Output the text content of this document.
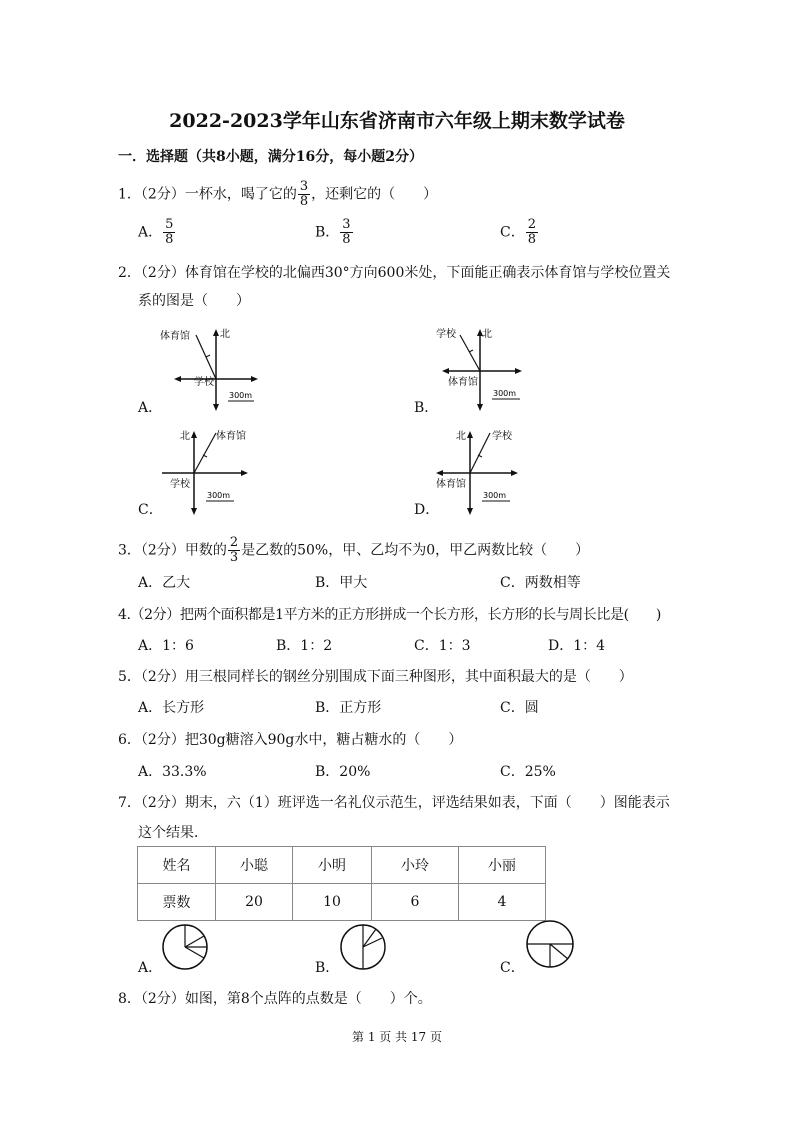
2022-2023学年山东省济南市六年级上期末数学试卷
一．选择题（共8小题，满分16分，每小题2分）
1．（2分）一杯水，喝了它的 $\frac{3}{8}$ ，还剩它的（　　）
A． $\frac{5}{8}$	B． $\frac{3}{8}$	C． $\frac{2}{8}$
2．（2分）体育馆在学校的北偏西30°方向600米处，下面能正确表示体育馆与学校位置关
系的图是（　　）
北
体育馆
学校
300m
A．
北
学校
体育馆
300m
B．
北	体育馆
学校
300m
C．
北	学校
体育馆
300m
D．
3．（2分）甲数的 $\frac{2}{3}$ 是乙数的50%，甲、乙均不为0，甲乙两数比较（　　）
A．乙大	B．甲大	C．两数相等
4.（2分）把两个面积都是1平方米的正方形拼成一个长方形，长方形的长与周长比是(　　)
A．1：6	B．1：2	C．1：3	D．1：4
5．（2分）用三根同样长的钢丝分别围成下面三种图形，其中面积最大的是（　　）
A．长方形	B．正方形	C．圆
6．（2分）把30g糖溶入90g水中，糖占糖水的（　　）
A．33.3%	B．20%	C．25%
7．（2分）期末，六（1）班评选一名礼仪示范生，评选结果如表，下面（　　）图能表示
这个结果．
姓名	小聪	小明	小玲	小丽
票数	20	10	6	4
A．	B．	C．
8．（2分）如图，第8个点阵的点数是（　　）个。
第 1 页 共 17 页
